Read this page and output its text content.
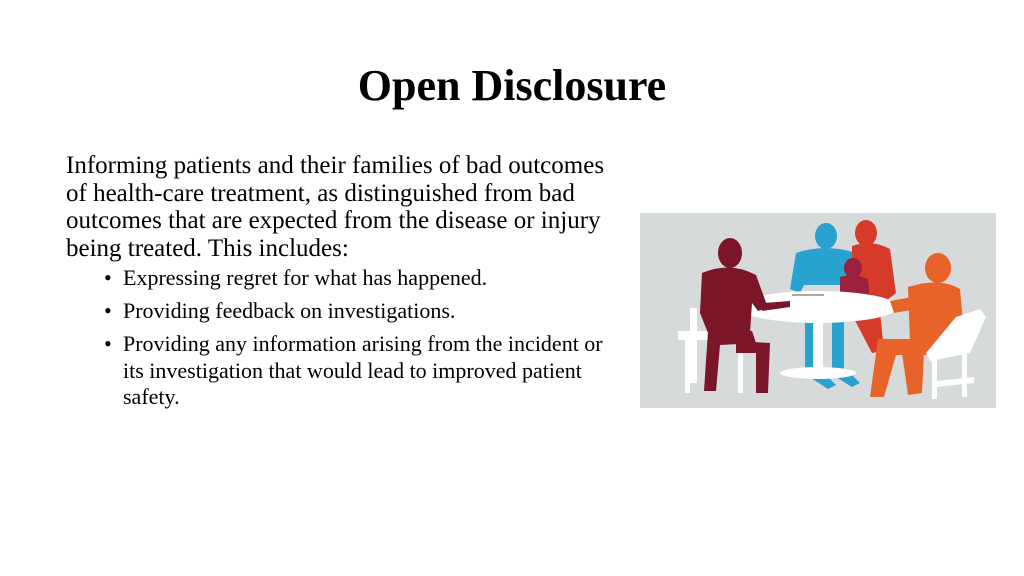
Open Disclosure

Informing patients and their families of bad outcomes of health-care treatment, as distinguished from bad outcomes that are expected from the disease or injury being treated. This includes:

• Expressing regret for what has happened.
• Providing feedback on investigations.
• Providing any information arising from the incident or its investigation that would lead to improved patient safety.
